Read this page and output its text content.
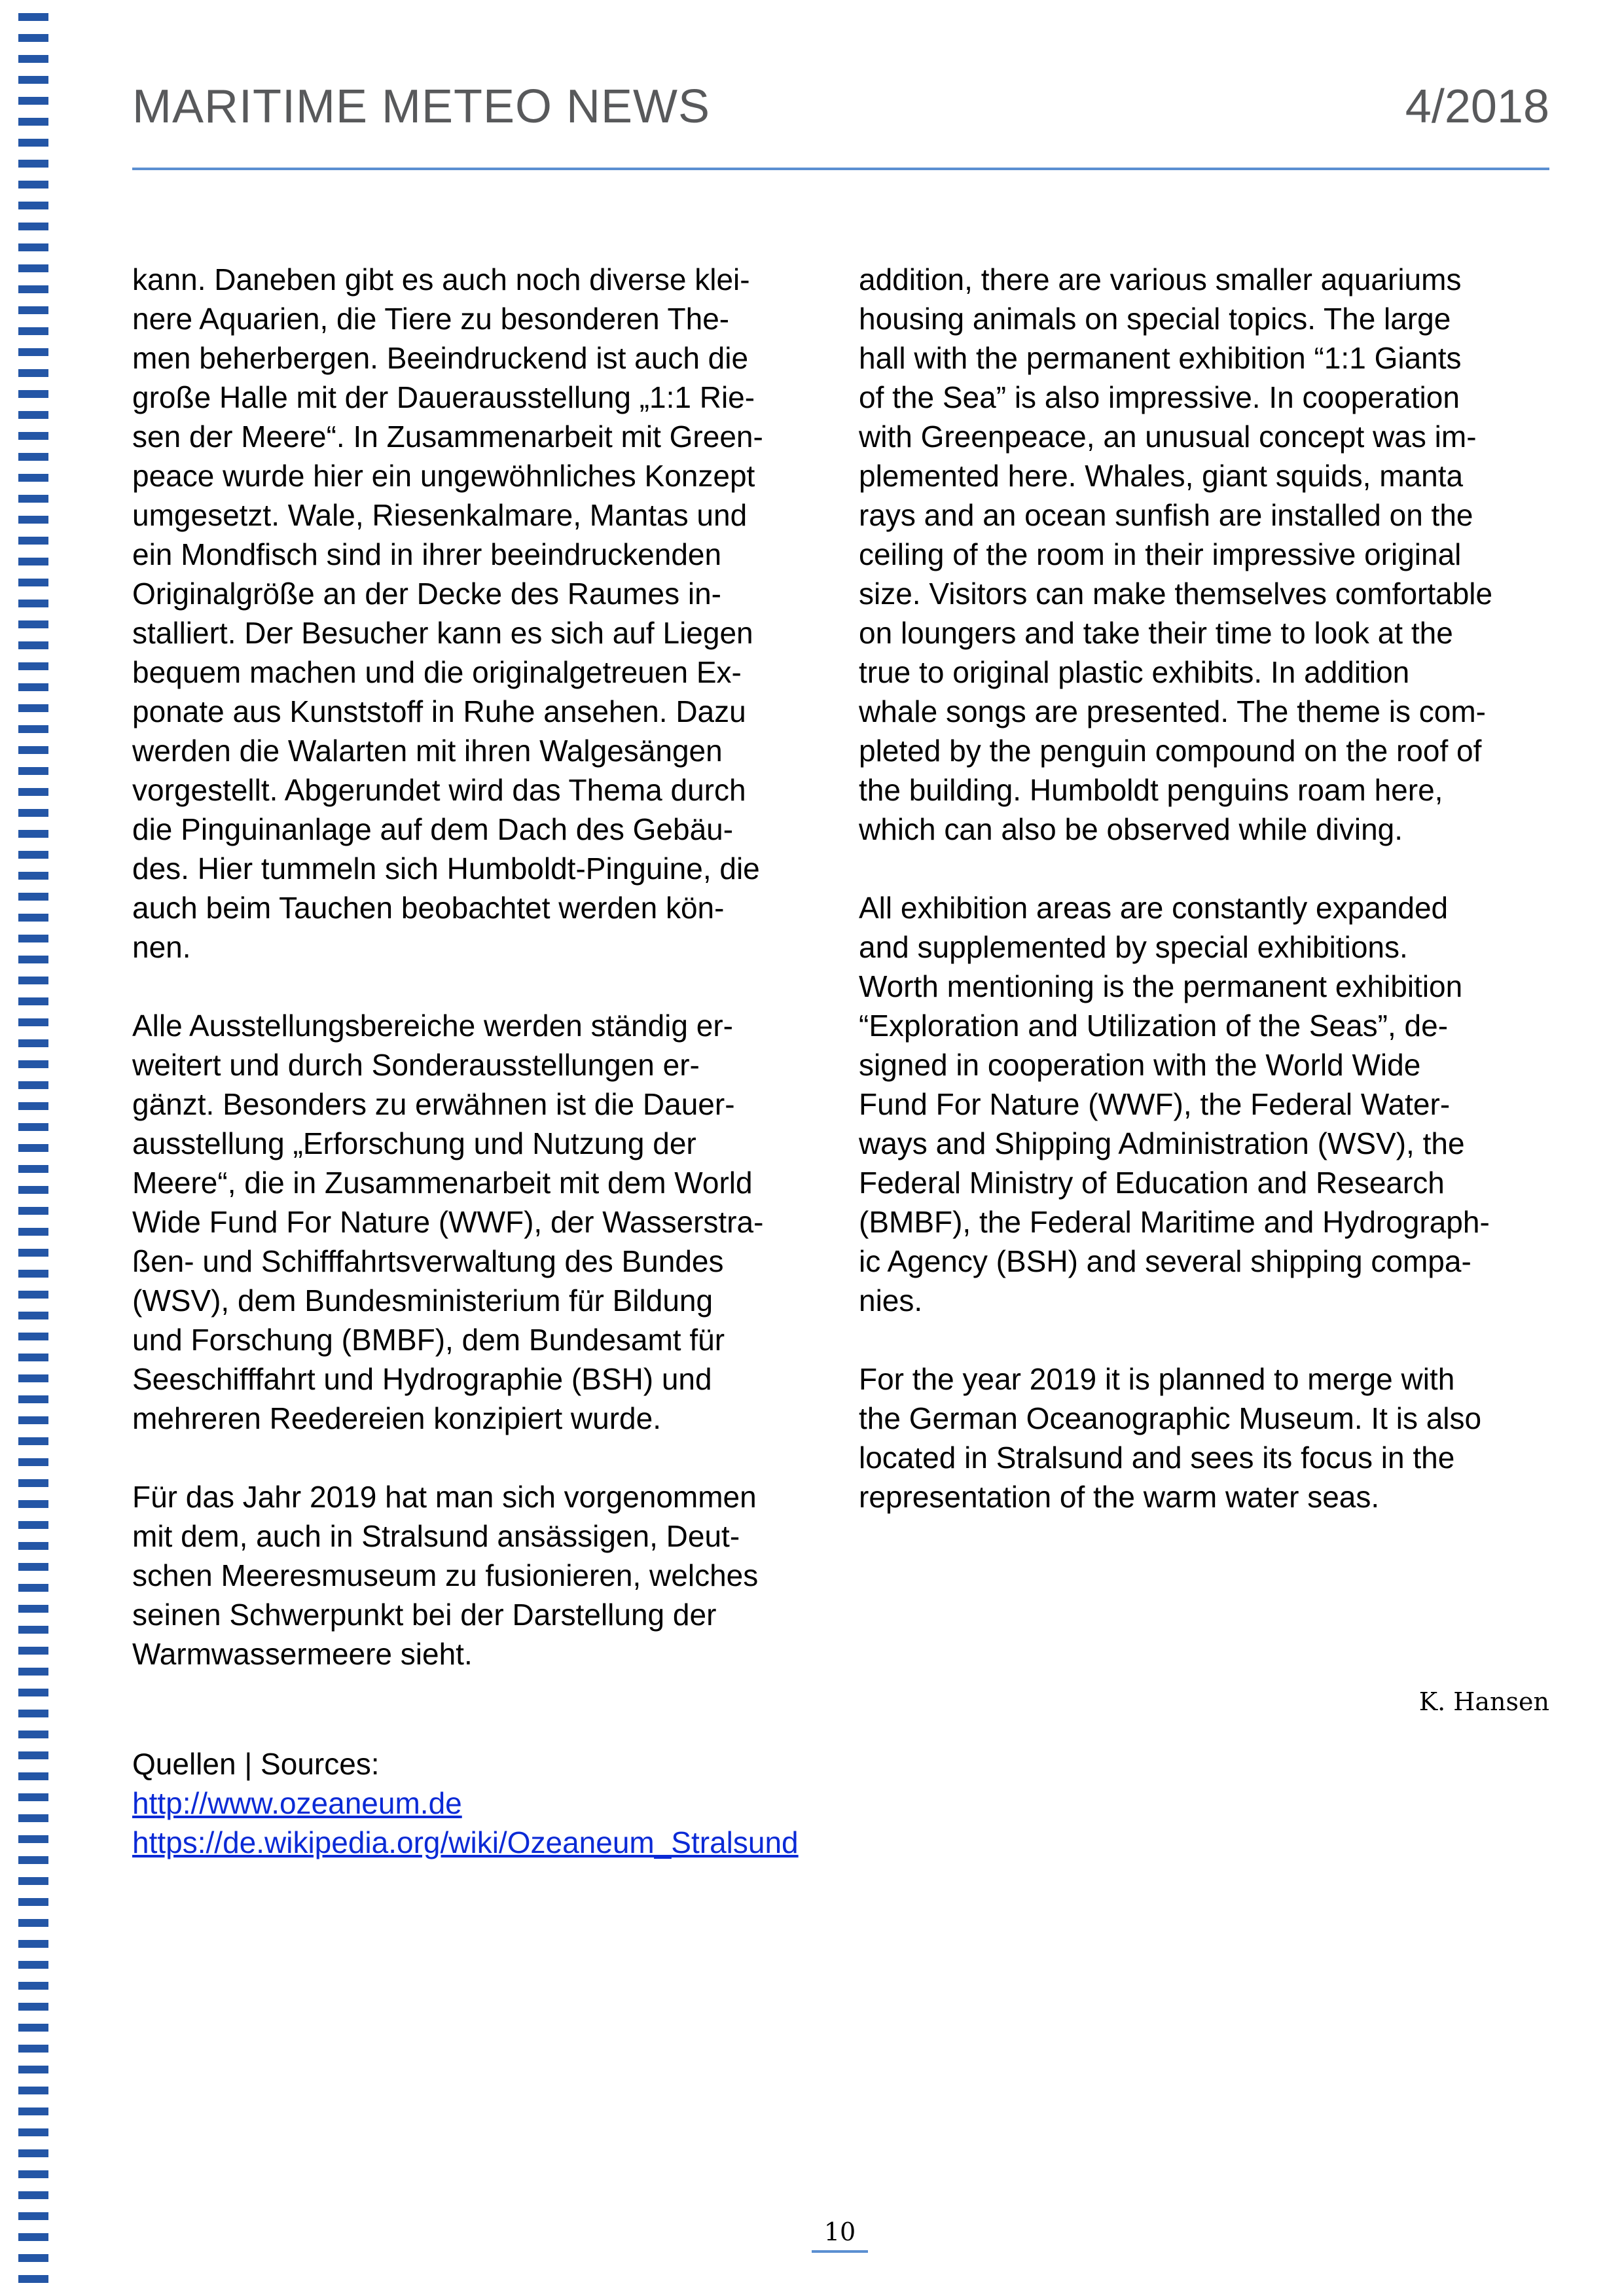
MARITIME METEO NEWS	4/2018

kann. Daneben gibt es auch noch diverse klei-
nere Aquarien, die Tiere zu besonderen The-
men beherbergen. Beeindruckend ist auch die
große Halle mit der Dauerausstellung „1:1 Rie-
sen der Meere“. In Zusammenarbeit mit Green-
peace wurde hier ein ungewöhnliches Konzept
umgesetzt. Wale, Riesenkalmare, Mantas und
ein Mondfisch sind in ihrer beeindruckenden
Originalgröße an der Decke des Raumes in-
stalliert. Der Besucher kann es sich auf Liegen
bequem machen und die originalgetreuen Ex-
ponate aus Kunststoff in Ruhe ansehen. Dazu
werden die Walarten mit ihren Walgesängen
vorgestellt. Abgerundet wird das Thema durch
die Pinguinanlage auf dem Dach des Gebäu-
des. Hier tummeln sich Humboldt-Pinguine, die
auch beim Tauchen beobachtet werden kön-
nen.

Alle Ausstellungsbereiche werden ständig er-
weitert und durch Sonderausstellungen er-
gänzt. Besonders zu erwähnen ist die Dauer-
ausstellung „Erforschung und Nutzung der
Meere“, die in Zusammenarbeit mit dem World
Wide Fund For Nature (WWF), der Wasserstra-
ßen- und Schifffahrtsverwaltung des Bundes
(WSV), dem Bundesministerium für Bildung
und Forschung (BMBF), dem Bundesamt für
Seeschifffahrt und Hydrographie (BSH) und
mehreren Reedereien konzipiert wurde.

Für das Jahr 2019 hat man sich vorgenommen
mit dem, auch in Stralsund ansässigen, Deut-
schen Meeresmuseum zu fusionieren, welches
seinen Schwerpunkt bei der Darstellung der
Warmwassermeere sieht.

addition, there are various smaller aquariums
housing animals on special topics. The large
hall with the permanent exhibition “1:1 Giants
of the Sea” is also impressive. In cooperation
with Greenpeace, an unusual concept was im-
plemented here. Whales, giant squids, manta
rays and an ocean sunfish are installed on the
ceiling of the room in their impressive original
size. Visitors can make themselves comfortable
on loungers and take their time to look at the
true to original plastic exhibits. In addition
whale songs are presented. The theme is com-
pleted by the penguin compound on the roof of
the building. Humboldt penguins roam here,
which can also be observed while diving.

All exhibition areas are constantly expanded
and supplemented by special exhibitions.
Worth mentioning is the permanent exhibition
“Exploration and Utilization of the Seas”, de-
signed in cooperation with the World Wide
Fund For Nature (WWF), the Federal Water-
ways and Shipping Administration (WSV), the
Federal Ministry of Education and Research
(BMBF), the Federal Maritime and Hydrograph-
ic Agency (BSH) and several shipping compa-
nies.

For the year 2019 it is planned to merge with
the German Oceanographic Museum. It is also
located in Stralsund and sees its focus in the
representation of the warm water seas.

K. Hansen
Quellen | Sources:
http://www.ozeaneum.de
https://de.wikipedia.org/wiki/Ozeaneum_Stralsund
10
